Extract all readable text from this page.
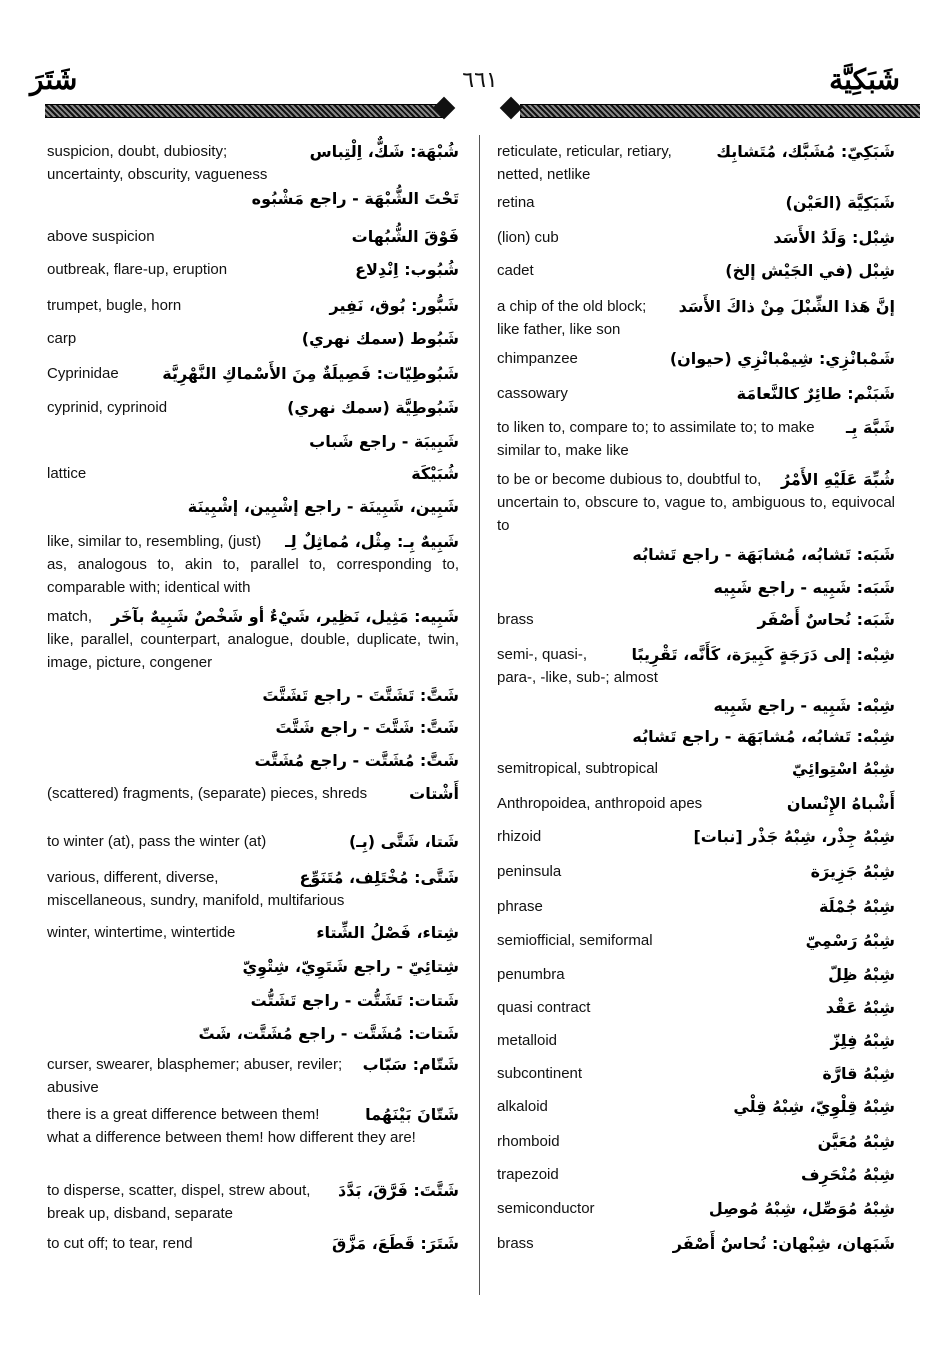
شَتَرَ	٦٦١	شَبَكِيَّة
شُبْهَة: شَكٌّ، اِلْتِباس
suspicion, doubt, dubiosity;
uncertainty, obscurity, vagueness
تَحْتَ الشُّبْهَة - راجع مَشْبُوه
فَوْقَ الشُّبُهات
above suspicion
شُبُوب: اِنْدِلاع
outbreak, flare-up, eruption
شَبُّور: بُوق، نَفِير
trumpet, bugle, horn
شَبُوط (سمك نهري)
carp
شَبُوطِيّات: فَصِيلَةٌ مِنَ الأَسْماكِ النَّهْرِيَّة
Cyprinidae
شَبُوطِيَّة (سمك نهري)
cyprinid, cyprinoid
شَبِيبَة - راجع شَباب
شُبَيْكَة
lattice
شَبِين، شَبِينَة - راجع إشْبِين، إشْبِينَة
شَبِيهٌ بِـ: مِثْل، مُماثِلٌ لِـ
like, similar to, resembling, (just)
as, analogous to, akin to, parallel to, corresponding to, comparable with; identical with
شَبِيه: مَثِيل، نَظِير، شَيْءٌ أو شَخْصٌ شَبِيهٌ بآخَر
match,
like, parallel, counterpart, analogue, double, duplicate, twin, image, picture, congener
شَتَّ: تَشَتَّتَ - راجع تَشَتَّتَ
شَتَّ: شَتَّتَ - راجع شَتَّتَ
شَتَّ: مُشَتَّت - راجع مُشَتَّت
أَشْتات
(scattered) fragments, (separate) pieces, shreds
شَتا، شَتَّى (بِـ)
to winter (at), pass the winter (at)
شَتَّى: مُخْتَلِف، مُتَنَوِّع
various, different, diverse,
miscellaneous, sundry, manifold, multifarious
شِتاء، فَصْلُ الشِّتاء
winter, wintertime, wintertide
شِتائِيّ - راجع شَتَوِيّ، شِتْوِيّ
شَتات: تَشَتُّت - راجع تَشَتُّت
شَتات: مُشَتَّت - راجع مُشَتَّت، شَتّ
شَتّام: سَبّاب
curser, swearer, blasphemer; abuser, reviler;
abusive
شَتّانَ بَيْنَهُما
there is a great difference between them!
what a difference between them! how different they are!
شَتَّتَ: فَرَّقَ، بَدَّدَ
to disperse, scatter, dispel, strew about,
break up, disband, separate
شَتَرَ: قَطَعَ، مَزَّقَ
to cut off; to tear, rend
شَبَكِيّ: مُشَبَّك، مُتَشابِك
reticulate, reticular, retiary,
netted, netlike
شَبَكِيَّة (العَيْن)
retina
شِبْل: وَلَدُ الأَسَد
(lion) cub
شِبْل (في الجَيْش إلخ)
cadet
إنَّ هَذا الشِّبْلَ مِنْ ذاكَ الأَسَد
a chip of the old block;
like father, like son
شَمْبانْزِي: شِيمْبانْزِي (حيوان)
chimpanzee
شَبَنْم: طائِرٌ كالنَّعامَة
cassowary
شَبَّهَ بِـ
to liken to, compare to; to assimilate to; to make
similar to, make like
شُبِّهَ عَلَيْهِ الأَمْرُ
to be or become dubious to, doubtful to,
uncertain to, obscure to, vague to, ambiguous to, equivocal to
شَبَه: تَشابُه، مُشابَهَة - راجع تَشابُه
شَبَه: شَبِيه - راجع شَبِيه
شَبَه: نُحاسٌ أَصْفَر
brass
شِبْه: إلى دَرَجَةٍ كَبِيرَة، كَأَنَّه، تَقْرِيبًا
semi-, quasi-,
para-, -like, sub-; almost
شِبْه: شَبِيه - راجع شَبِيه
شِبْه: تَشابُه، مُشابَهَة - راجع تَشابُه
شِبْهُ اسْتِوائِيّ
semitropical, subtropical
أَشْباهُ الإِنْسان
Anthropoidea, anthropoid apes
شِبْهُ جِذْر، شِبْهُ جَذْر [نبات]
rhizoid
شِبْهُ جَزِيرَة
peninsula
شِبْهُ جُمْلَة
phrase
شِبْهُ رَسْمِيّ
semiofficial, semiformal
شِبْهُ ظِلّ
penumbra
شِبْهُ عَقْد
quasi contract
شِبْهُ فِلِزّ
metalloid
شِبْهُ قارَّة
subcontinent
شِبْهُ قِلْوِيّ، شِبْهُ قِلْي
alkaloid
شِبْهُ مُعَيَّن
rhomboid
شِبْهُ مُنْحَرِف
trapezoid
شِبْهُ مُوَصِّل، شِبْهُ مُوصِل
semiconductor
شَبَهان، شِبْهان: نُحاسٌ أَصْفَر
brass
